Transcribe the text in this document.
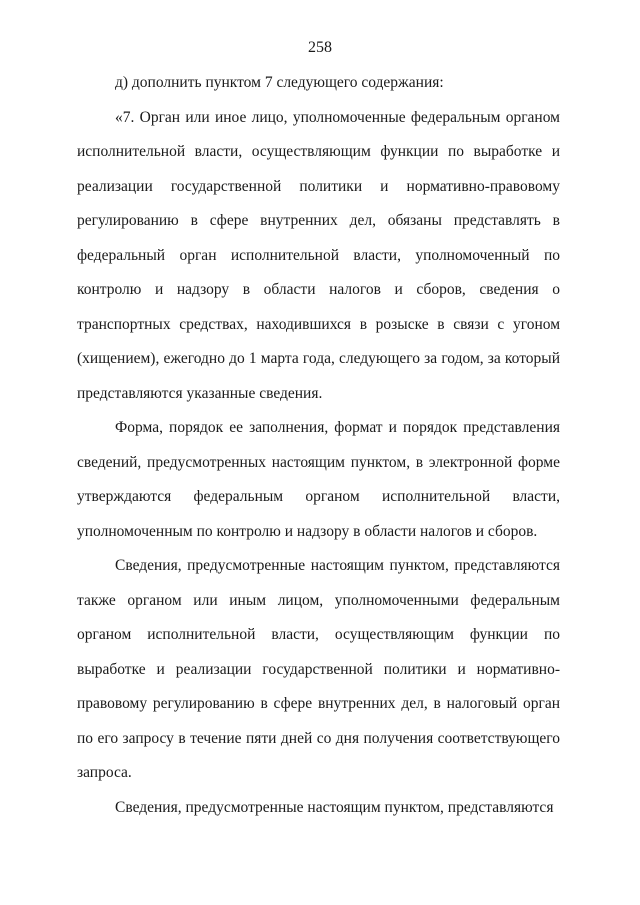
258

д) дополнить пунктом 7 следующего содержания:

«7. Орган или иное лицо, уполномоченные федеральным органом исполнительной власти, осуществляющим функции по выработке и реализации государственной политики и нормативно-правовому регулированию в сфере внутренних дел, обязаны представлять в федеральный орган исполнительной власти, уполномоченный по контролю и надзору в области налогов и сборов, сведения о транспортных средствах, находившихся в розыске в связи с угоном (хищением), ежегодно до 1 марта года, следующего за годом, за который представляются указанные сведения.

Форма, порядок ее заполнения, формат и порядок представления сведений, предусмотренных настоящим пунктом, в электронной форме утверждаются федеральным органом исполнительной власти, уполномоченным по контролю и надзору в области налогов и сборов.

Сведения, предусмотренные настоящим пунктом, представляются также органом или иным лицом, уполномоченными федеральным органом исполнительной власти, осуществляющим функции по выработке и реализации государственной политики и нормативно-правовому регулированию в сфере внутренних дел, в налоговый орган по его запросу в течение пяти дней со дня получения соответствующего запроса.

Сведения, предусмотренные настоящим пунктом, представляются
